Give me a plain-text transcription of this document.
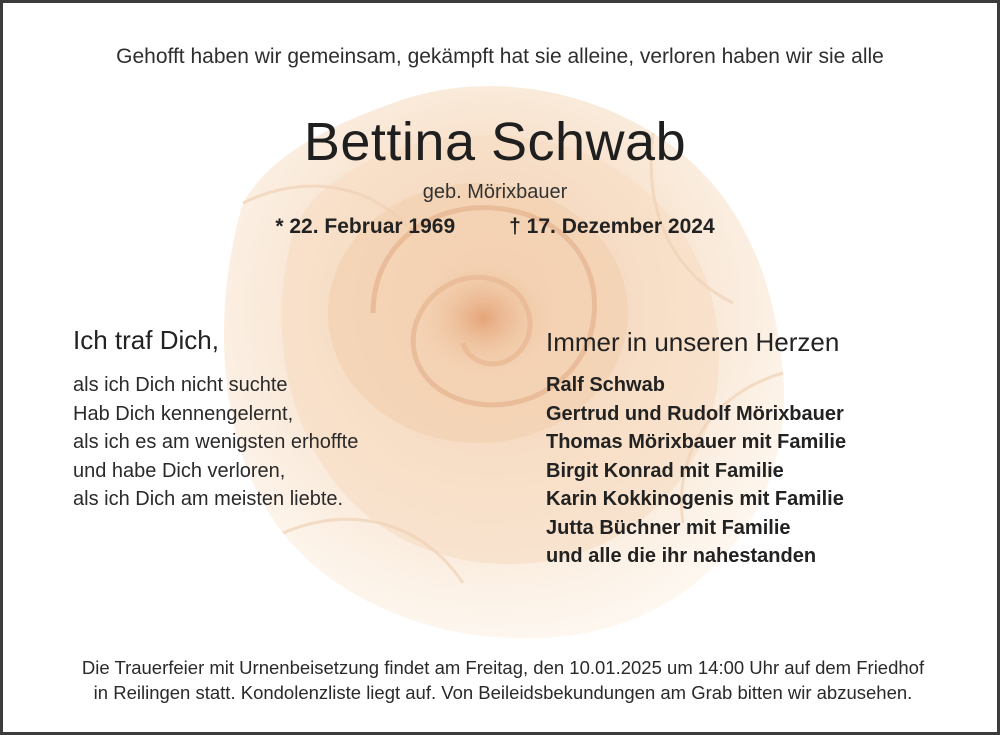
Gehofft haben wir gemeinsam, gekämpft hat sie alleine, verloren haben wir sie alle
Bettina Schwab
geb. Mörixbauer
* 22. Februar 1969	† 17. Dezember 2024
Ich traf Dich,
als ich Dich nicht suchte
Hab Dich kennengelernt,
als ich es am wenigsten erhoffte
und habe Dich verloren,
als ich Dich am meisten liebte.
Immer in unseren Herzen
Ralf Schwab
Gertrud und Rudolf Mörixbauer
Thomas Mörixbauer mit Familie
Birgit Konrad mit Familie
Karin Kokkinogenis mit Familie
Jutta Büchner mit Familie
und alle die ihr nahestanden
Die Trauerfeier mit Urnenbeisetzung findet am Freitag, den 10.01.2025 um 14:00 Uhr auf dem Friedhof
in Reilingen statt. Kondolenzliste liegt auf. Von Beileidsbekundungen am Grab bitten wir abzusehen.
